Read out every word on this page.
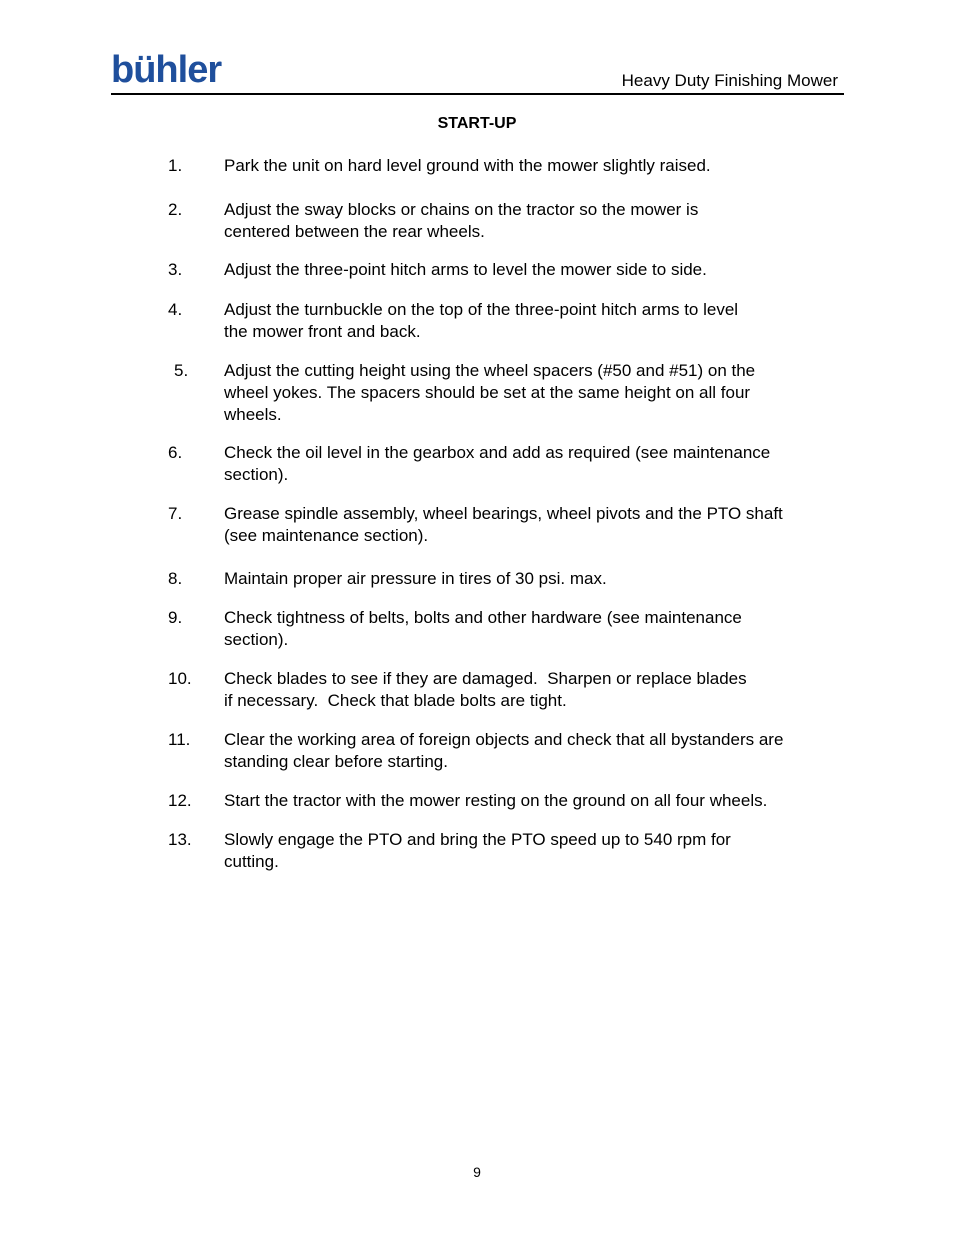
bühler	Heavy Duty Finishing Mower
START-UP
1. Park the unit on hard level ground with the mower slightly raised.
2. Adjust the sway blocks or chains on the tractor so the mower is
centered between the rear wheels.
3. Adjust the three-point hitch arms to level the mower side to side.
4. Adjust the turnbuckle on the top of the three-point hitch arms to level
the mower front and back.
5. Adjust the cutting height using the wheel spacers (#50 and #51) on the
wheel yokes. The spacers should be set at the same height on all four
wheels.
6. Check the oil level in the gearbox and add as required (see maintenance
section).
7. Grease spindle assembly, wheel bearings, wheel pivots and the PTO shaft
(see maintenance section).
8. Maintain proper air pressure in tires of 30 psi. max.
9. Check tightness of belts, bolts and other hardware (see maintenance
section).
10. Check blades to see if they are damaged.  Sharpen or replace blades
if necessary.  Check that blade bolts are tight.
11. Clear the working area of foreign objects and check that all bystanders are
standing clear before starting.
12. Start the tractor with the mower resting on the ground on all four wheels.
13. Slowly engage the PTO and bring the PTO speed up to 540 rpm for
cutting.
9
